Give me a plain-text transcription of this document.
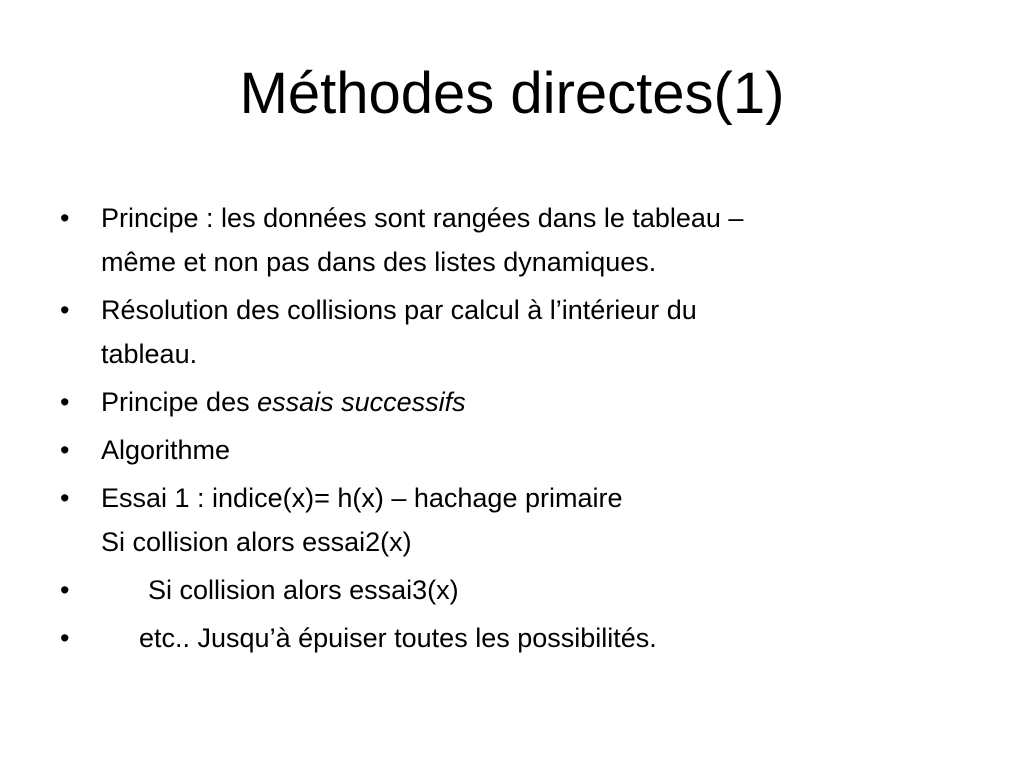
Méthodes directes(1)
•	Principe : les données sont rangées dans le tableau –
même et non pas dans des listes dynamiques.
•	Résolution des collisions par calcul à l’intérieur du
tableau.
•	Principe des essais successifs
•	Algorithme
•	Essai 1 : indice(x)= h(x) – hachage primaire
Si collision alors essai2(x)
•	Si collision alors essai3(x)
•	etc.. Jusqu’à épuiser toutes les possibilités.
